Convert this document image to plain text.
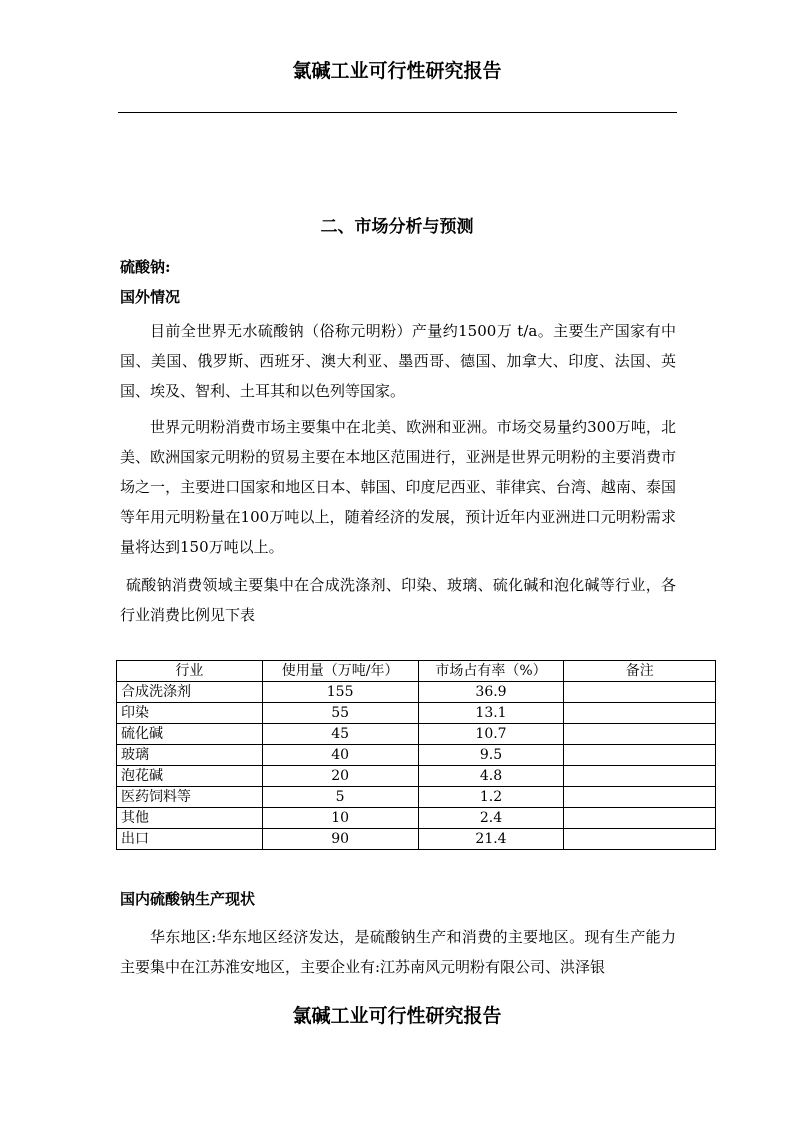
氯碱工业可行性研究报告
二、市场分析与预测
硫酸钠:
国外情况
目前全世界无水硫酸钠（俗称元明粉）产量约1500万 t/a。主要生产国家有中国、美国、俄罗斯、西班牙、澳大利亚、墨西哥、德国、加拿大、印度、法国、英国、埃及、智利、土耳其和以色列等国家。
世界元明粉消费市场主要集中在北美、欧洲和亚洲。市场交易量约300万吨，北美、欧洲国家元明粉的贸易主要在本地区范围进行，亚洲是世界元明粉的主要消费市场之一，主要进口国家和地区日本、韩国、印度尼西亚、菲律宾、台湾、越南、泰国等年用元明粉量在100万吨以上，随着经济的发展，预计近年内亚洲进口元明粉需求量将达到150万吨以上。
硫酸钠消费领域主要集中在合成洗涤剂、印染、玻璃、硫化碱和泡化碱等行业，各行业消费比例见下表
行业	使用量（万吨/年）	市场占有率（%）	备注
合成洗涤剂	155	36.9	
印染	55	13.1	
硫化碱	45	10.7	
玻璃	40	9.5	
泡花碱	20	4.8	
医药饲料等	5	1.2	
其他	10	2.4	
出口	90	21.4	
国内硫酸钠生产现状
华东地区:华东地区经济发达，是硫酸钠生产和消费的主要地区。现有生产能力主要集中在江苏淮安地区，主要企业有:江苏南风元明粉有限公司、洪泽银
氯碱工业可行性研究报告
